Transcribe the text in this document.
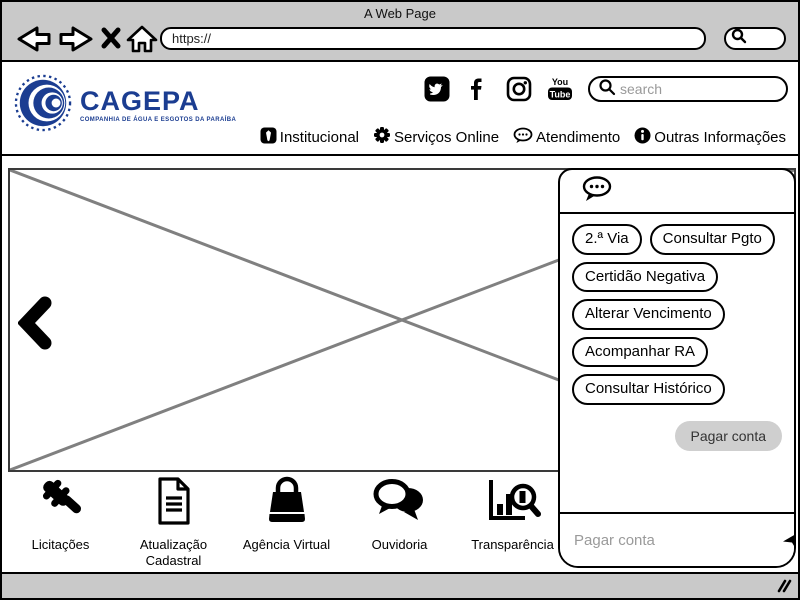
A Web Page
https://
CAGEPA
COMPANHIA DE ÁGUA E ESGOTOS DA PARAÍBA
You
Tube
search
Institucional Serviços Online Atendimento Outras Informações
Licitações	Atualização Cadastral
Agência Virtual	Ouvidoria	Transparência
2.ª Via	Consultar Pgto
Certidão Negativa
Alterar Vencimento
Acompanhar RA
Consultar Histórico
Pagar conta
Pagar conta
